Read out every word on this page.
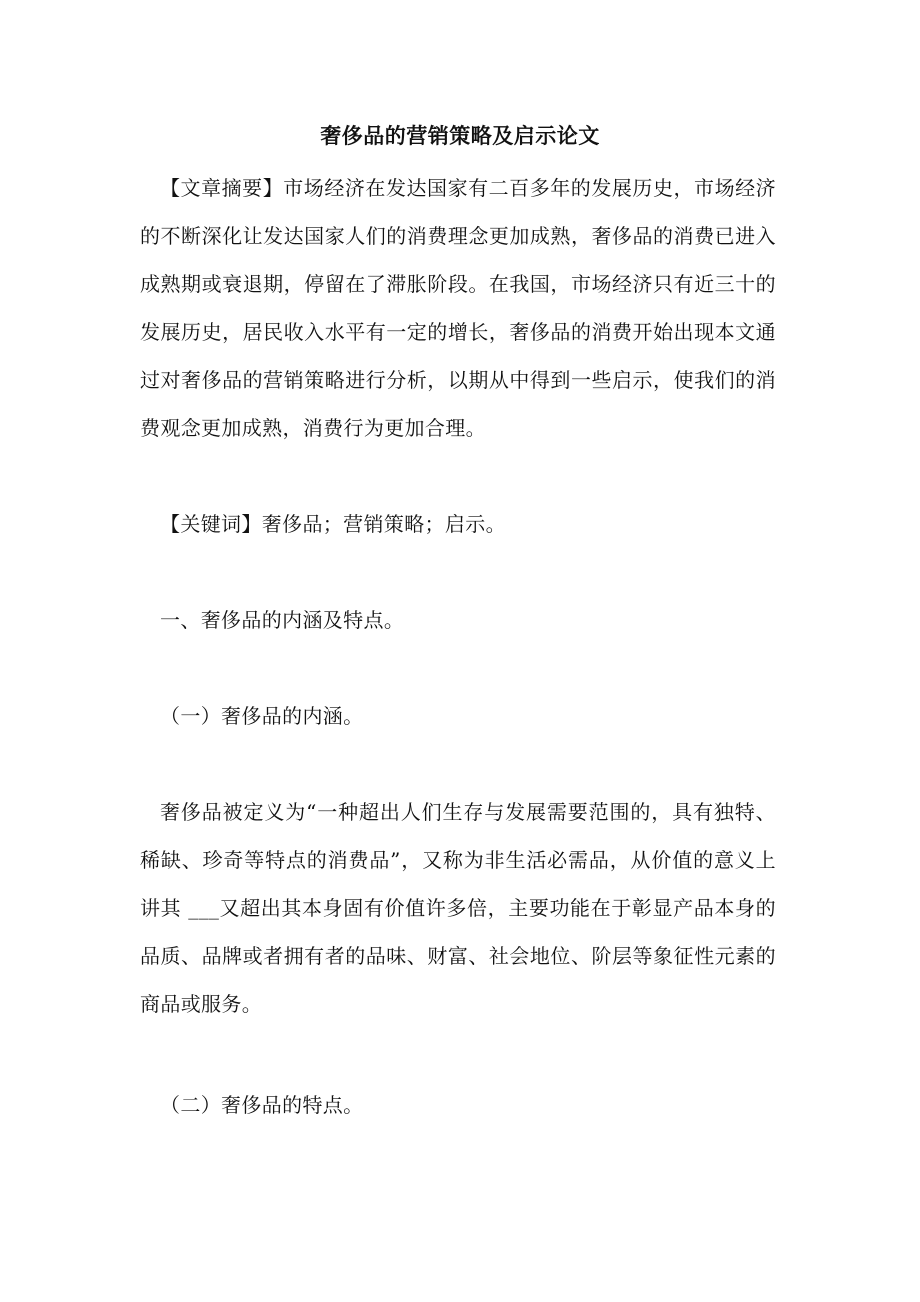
奢侈品的营销策略及启示论文
【文章摘要】市场经济在发达国家有二百多年的发展历史，市场经济的不断深化让发达国家人们的消费理念更加成熟，奢侈品的消费已进入成熟期或衰退期，停留在了滞胀阶段。在我国，市场经济只有近三十的发展历史，居民收入水平有一定的增长，奢侈品的消费开始出现本文通过对奢侈品的营销策略进行分析，以期从中得到一些启示，使我们的消费观念更加成熟，消费行为更加合理。
【关键词】奢侈品；营销策略；启示。
一、奢侈品的内涵及特点。
（一）奢侈品的内涵。
奢侈品被定义为“一种超出人们生存与发展需要范围的，具有独特、稀缺、珍奇等特点的消费品”，又称为非生活必需品，从价值的意义上讲其 ___又超出其本身固有价值许多倍，主要功能在于彰显产品本身的品质、品牌或者拥有者的品味、财富、社会地位、阶层等象征性元素的商品或服务。
（二）奢侈品的特点。
